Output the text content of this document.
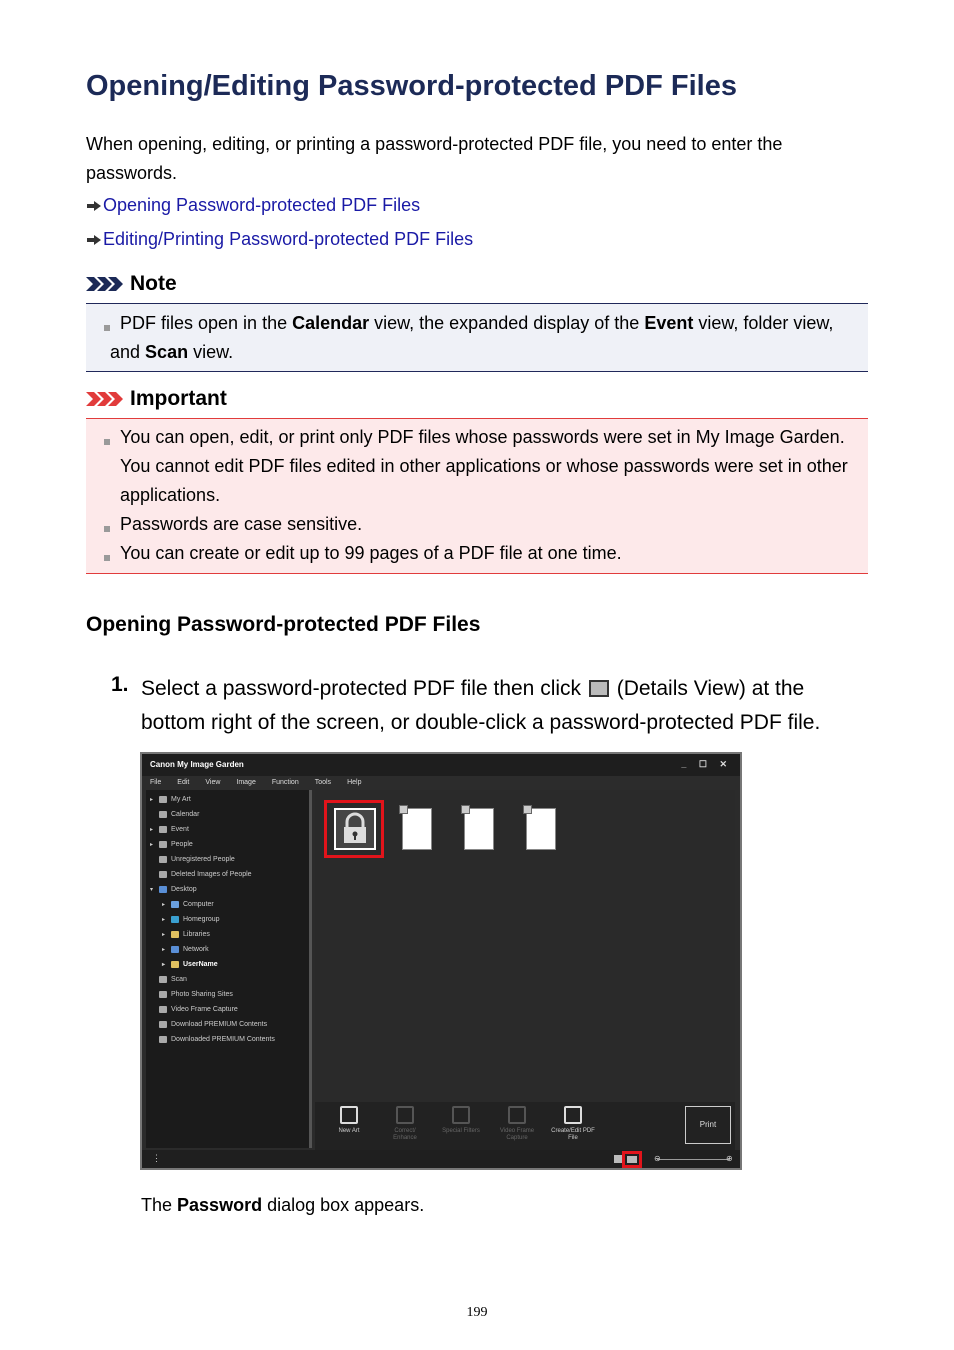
Opening/Editing Password-protected PDF Files
When opening, editing, or printing a password-protected PDF file, you need to enter the passwords.
Opening Password-protected PDF Files
Editing/Printing Password-protected PDF Files
Note
PDF files open in the Calendar view, the expanded display of the Event view, folder view, and Scan view.
Important
You can open, edit, or print only PDF files whose passwords were set in My Image Garden. You cannot edit PDF files edited in other applications or whose passwords were set in other applications.
Passwords are case sensitive.
You can create or edit up to 99 pages of a PDF file at one time.
Opening Password-protected PDF Files
1. Select a password-protected PDF file then click  (Details View) at the bottom right of the screen, or double-click a password-protected PDF file.
Canon My Image Garden	_ ☐ ✕
File	Edit	View	Image	Function	Tools	Help
▸	My Art
Calendar
▸	Event
▸	People
Unregistered People
Deleted Images of People
▾	Desktop
▸	Computer
▸	Homegroup
▸	Libraries
▸	Network
▸	UserName
Scan
Photo Sharing Sites
Video Frame Capture
Download PREMIUM Contents
Downloaded PREMIUM Contents
New Art	Correct/ Enhance
Special Filters	Video Frame Capture
Create/Edit PDF File
Print
⋮	⊖	⊕
The Password dialog box appears.
199
